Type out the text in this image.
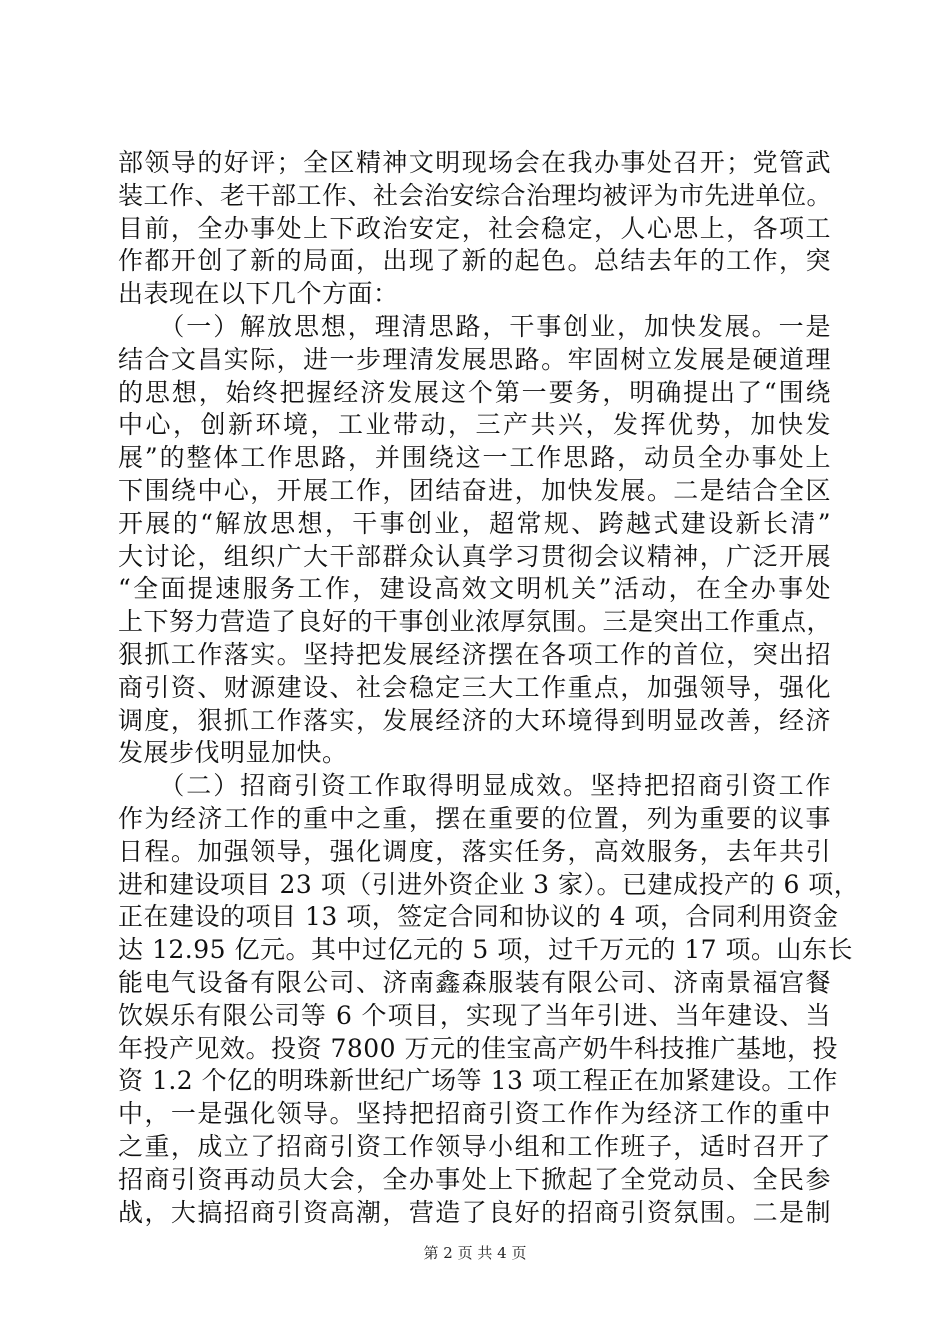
部领导的好评；全区精神文明现场会在我办事处召开；党管武
装工作、老干部工作、社会治安综合治理均被评为市先进单位。
目前，全办事处上下政治安定，社会稳定，人心思上，各项工
作都开创了新的局面，出现了新的起色。总结去年的工作，突
出表现在以下几个方面：
　　（一）解放思想，理清思路，干事创业，加快发展。一是
结合文昌实际，进一步理清发展思路。牢固树立发展是硬道理
的思想，始终把握经济发展这个第一要务，明确提出了“围绕
中心，创新环境，工业带动，三产共兴，发挥优势，加快发
展”的整体工作思路，并围绕这一工作思路，动员全办事处上
下围绕中心，开展工作，团结奋进，加快发展。二是结合全区
开展的“解放思想，干事创业，超常规、跨越式建设新长清”
大讨论，组织广大干部群众认真学习贯彻会议精神，广泛开展
“全面提速服务工作，建设高效文明机关”活动，在全办事处
上下努力营造了良好的干事创业浓厚氛围。三是突出工作重点，
狠抓工作落实。坚持把发展经济摆在各项工作的首位，突出招
商引资、财源建设、社会稳定三大工作重点，加强领导，强化
调度，狠抓工作落实，发展经济的大环境得到明显改善，经济
发展步伐明显加快。
　　（二）招商引资工作取得明显成效。坚持把招商引资工作
作为经济工作的重中之重，摆在重要的位置，列为重要的议事
日程。加强领导，强化调度，落实任务，高效服务，去年共引
进和建设项目 23 项（引进外资企业 3 家）。已建成投产的 6 项，
正在建设的项目 13 项，签定合同和协议的 4 项，合同利用资金
达 12.95 亿元。其中过亿元的 5 项，过千万元的 17 项。山东长
能电气设备有限公司、济南鑫森服装有限公司、济南景福宫餐
饮娱乐有限公司等 6 个项目，实现了当年引进、当年建设、当
年投产见效。投资 7800 万元的佳宝高产奶牛科技推广基地，投
资 1.2 个亿的明珠新世纪广场等 13 项工程正在加紧建设。工作
中，一是强化领导。坚持把招商引资工作作为经济工作的重中
之重，成立了招商引资工作领导小组和工作班子，适时召开了
招商引资再动员大会，全办事处上下掀起了全党动员、全民参
战，大搞招商引资高潮，营造了良好的招商引资氛围。二是制
第 2 页 共 4 页
